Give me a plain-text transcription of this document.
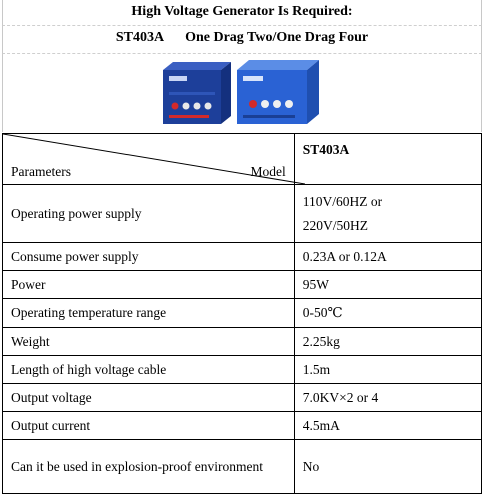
High Voltage Generator Is Required:
ST403A One Drag Two/One Drag Four
Parameters Model	ST403A
Operating power supply	110V/60HZ or
220V/50HZ

Consume power supply	0.23A or 0.12A
Power	95W
Operating temperature range	0-50℃
Weight	2.25kg
Length of high voltage cable	1.5m
Output voltage	7.0KV×2 or 4
Output current	4.5mA
Can it be used in explosion-proof environment	No
